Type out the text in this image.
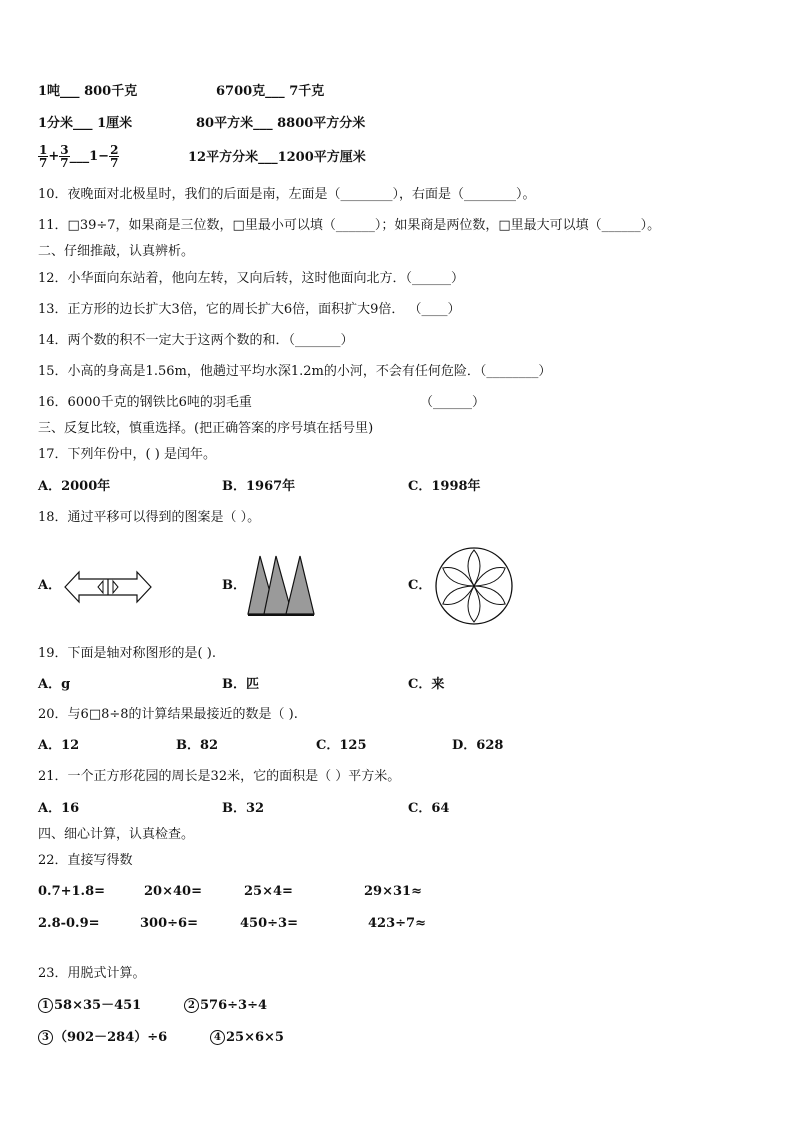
1吨___ 800千克	6700克___ 7千克
1分米___ 1厘米	80平方米___ 8800平方分米
$\frac{1}{7} + \frac{3}{7}$ ___1− $\frac{2}{7}$	12平方分米___1200平方厘米
10．夜晚面对北极星时，我们的后面是南，左面是（________），右面是（________）。
11．□39÷7，如果商是三位数，□里最小可以填（______）；如果商是两位数，□里最大可以填（______）。
二、仔细推敲，认真辨析。
12．小华面向东站着，他向左转，又向后转，这时他面向北方．（______）
13．正方形的边长扩大3倍，它的周长扩大6倍，面积扩大9倍． （____）
14．两个数的积不一定大于这两个数的和．（_______）
15．小高的身高是1.56m，他趟过平均水深1.2m的小河，不会有任何危险．（________）
16．6000千克的钢铁比6吨的羽毛重	（______）
三、反复比较，慎重选择。(把正确答案的序号填在括号里)
17．下列年份中，( ) 是闰年。
A．2000年	B．1967年	C．1998年
18．通过平移可以得到的图案是（ ）。
A．	B．	C．
19．下面是轴对称图形的是( ).
A．g	B．匹	C．来
20．与6□8÷8的计算结果最接近的数是（ ).
A．12	B．82	C．125	D．628
21．一个正方形花园的周长是32米，它的面积是（ ）平方米。
A．16	B．32	C．64
四、细心计算，认真检查。
22．直接写得数
0.7+1.8=	20×40=	25×4=	29×31≈
2.8-0.9=	300÷6=	450÷3=	423÷7≈
23．用脱式计算。
1 58×35－451	2 576÷3÷4
3 （902－284）÷6	4 25×6×5
